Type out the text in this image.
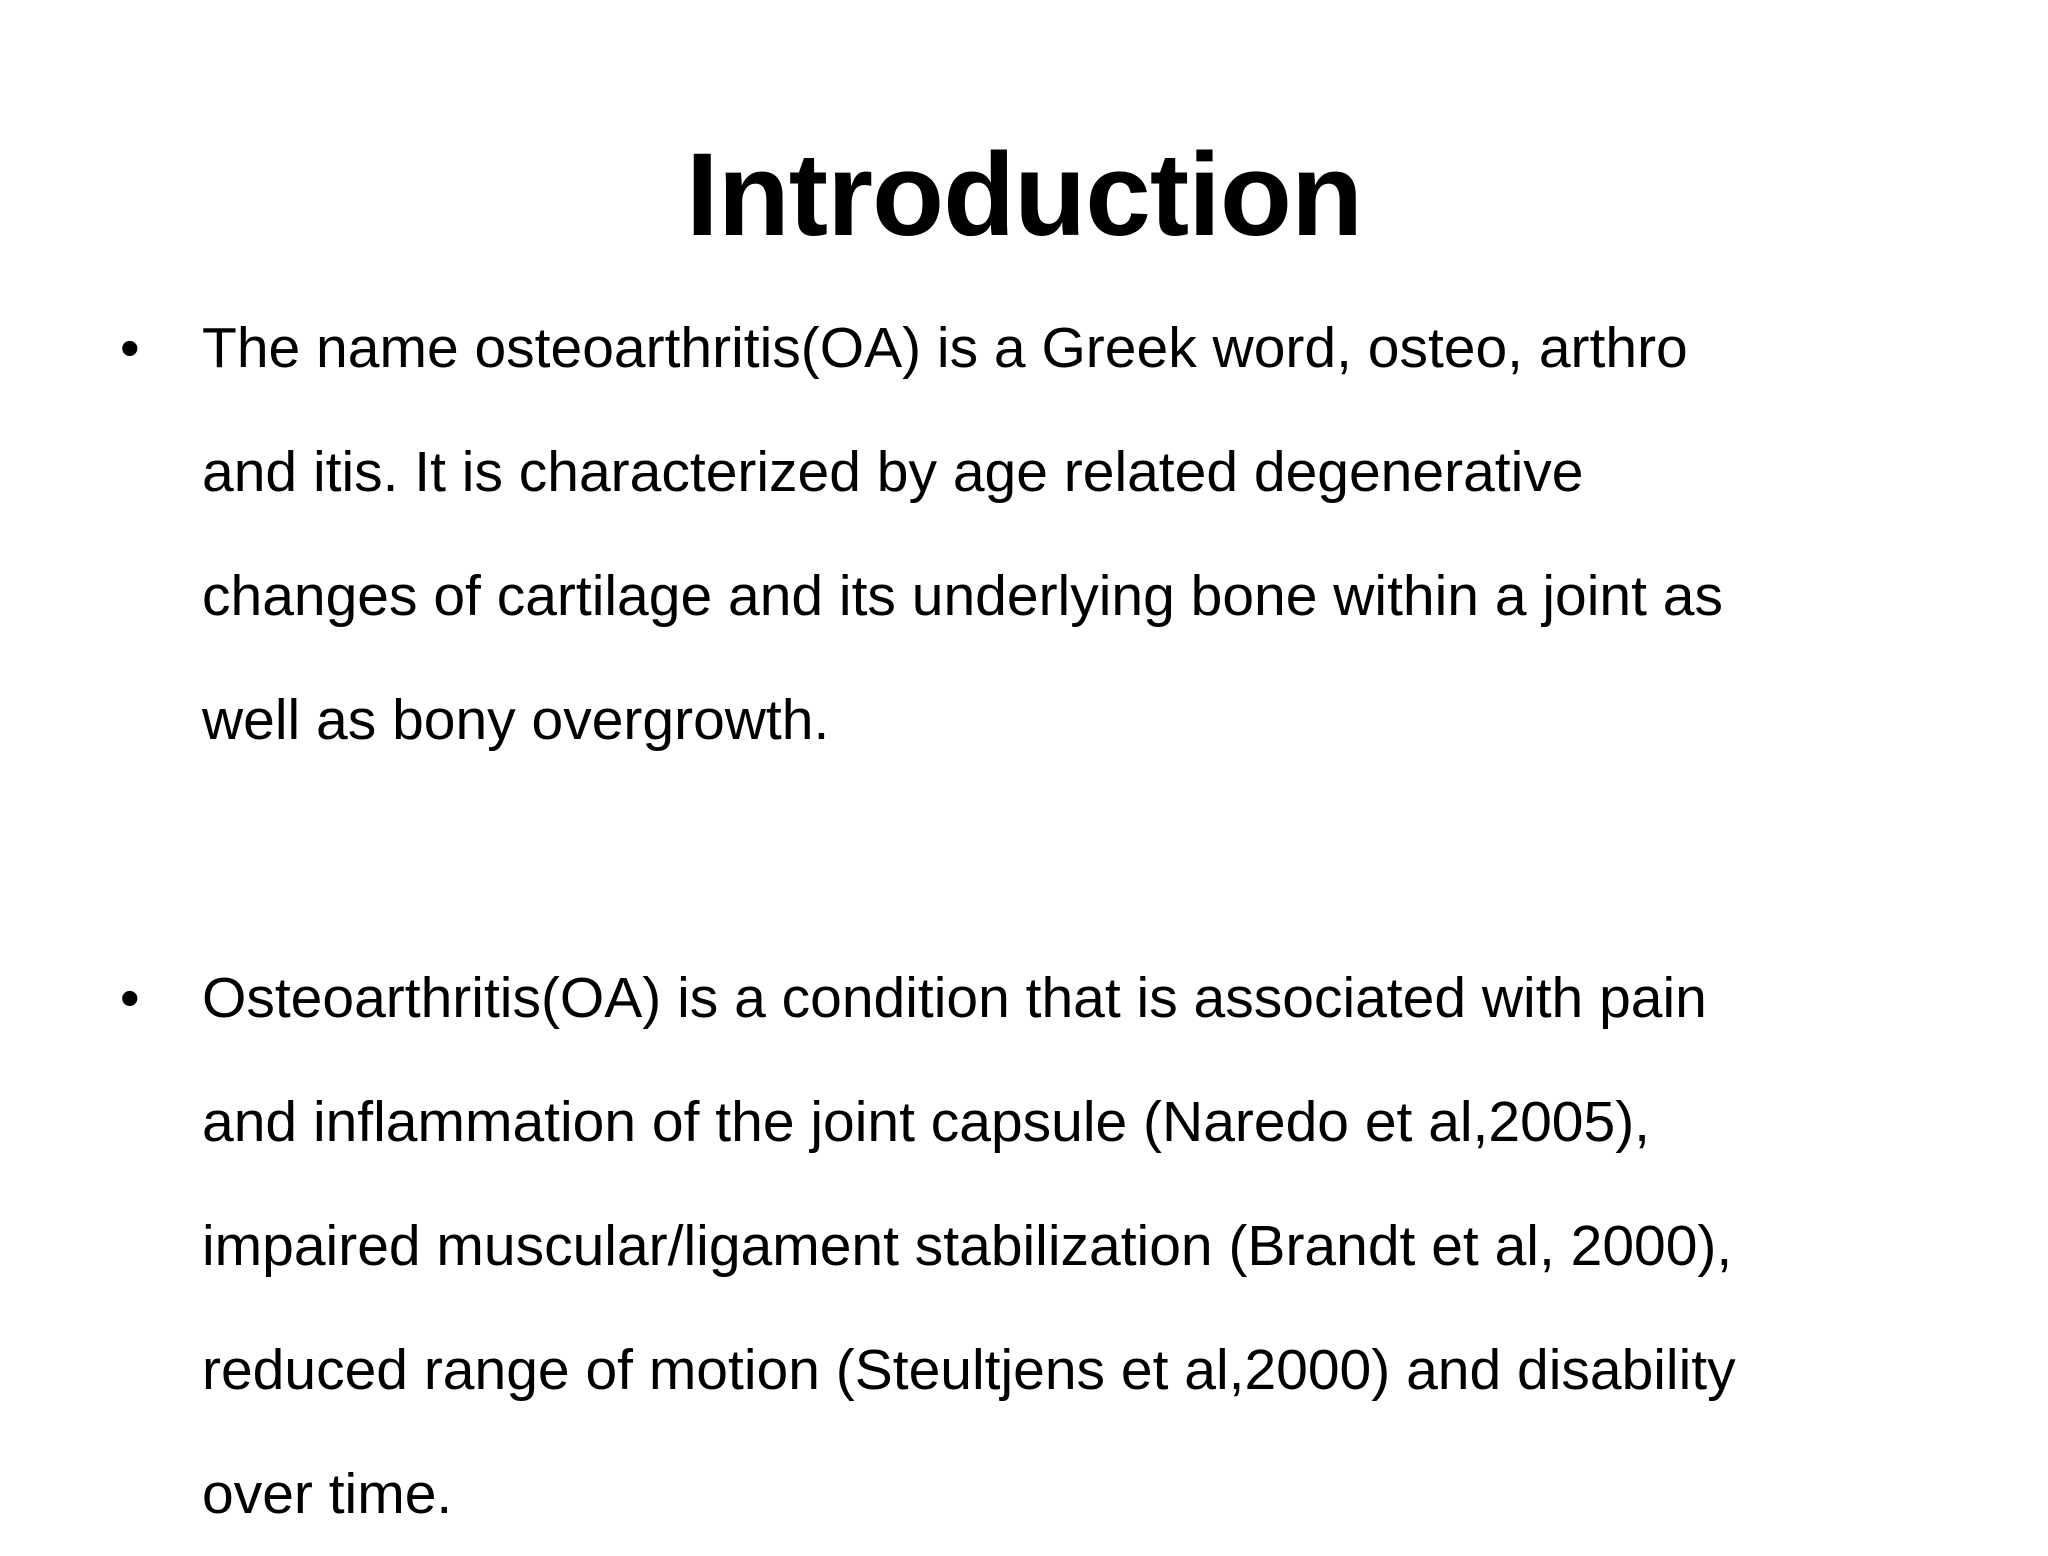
Introduction
•	The name osteoarthritis(OA) is a Greek word, osteo, arthro
and itis. It is characterized by age related degenerative
changes of cartilage and its underlying bone within a joint as
well as bony overgrowth.

•	Osteoarthritis(OA) is a condition that is associated with pain
and inflammation of the joint capsule (Naredo et al,2005),
impaired muscular/ligament stabilization (Brandt et al, 2000),
reduced range of motion (Steultjens et al,2000) and disability
over time.
